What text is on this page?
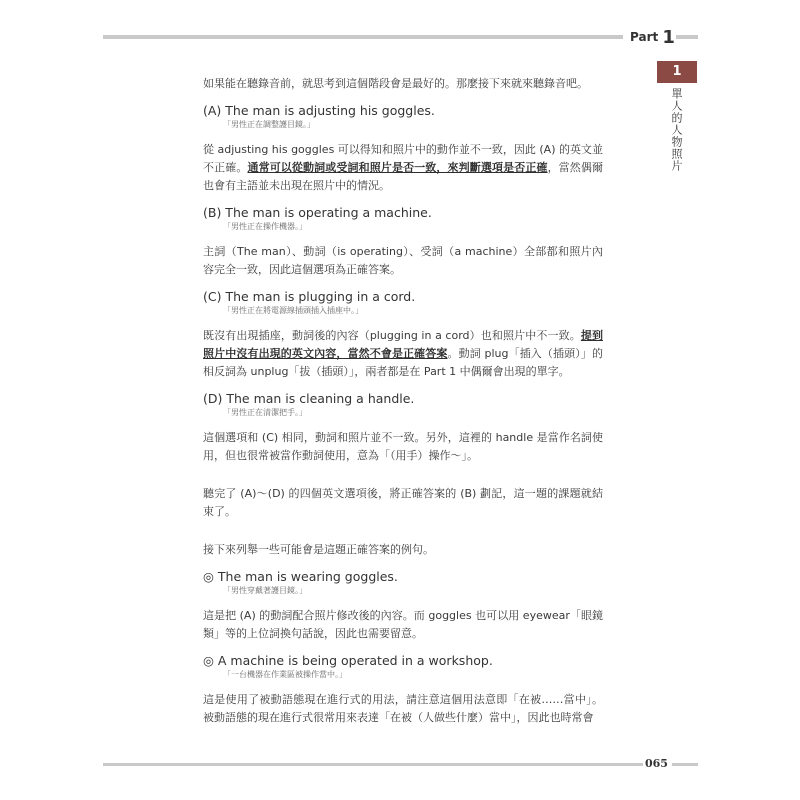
Part 1
1
單人的人物照片

如果能在聽錄音前，就思考到這個階段會是最好的。那麼接下來就來聽錄音吧。

(A) The man is adjusting his goggles.
「男性正在調整護目鏡。」

從 adjusting his goggles 可以得知和照片中的動作並不一致，因此 (A) 的英文並不正確。通常可以從動詞或受詞和照片是否一致，來判斷選項是否正確，當然偶爾也會有主語並未出現在照片中的情況。

(B) The man is operating a machine.
「男性正在操作機器。」

主詞（The man）、動詞（is operating）、受詞（a machine）全部都和照片內容完全一致，因此這個選項為正確答案。

(C) The man is plugging in a cord.
「男性正在將電源線插頭插入插座中。」

既沒有出現插座，動詞後的內容（plugging in a cord）也和照片中不一致。提到照片中沒有出現的英文內容，當然不會是正確答案。動詞 plug「插入（插頭）」的相反詞為 unplug「拔（插頭）」，兩者都是在 Part 1 中偶爾會出現的單字。

(D) The man is cleaning a handle.
「男性正在清潔把手。」

這個選項和 (C) 相同，動詞和照片並不一致。另外，這裡的 handle 是當作名詞使用，但也很常被當作動詞使用，意為「（用手）操作～」。

聽完了 (A)～(D) 的四個英文選項後，將正確答案的 (B) 劃記，這一題的課題就結束了。

接下來列舉一些可能會是這題正確答案的例句。

◎ The man is wearing goggles.
「男性穿戴著護目鏡。」

這是把 (A) 的動詞配合照片修改後的內容。而 goggles 也可以用 eyewear「眼鏡類」等的上位詞換句話說，因此也需要留意。

◎ A machine is being operated in a workshop.
「一台機器在作業區被操作當中。」

這是使用了被動語態現在進行式的用法，請注意這個用法意即「在被……當中」。被動語態的現在進行式很常用來表達「在被（人做些什麼）當中」，因此也時常會

065
